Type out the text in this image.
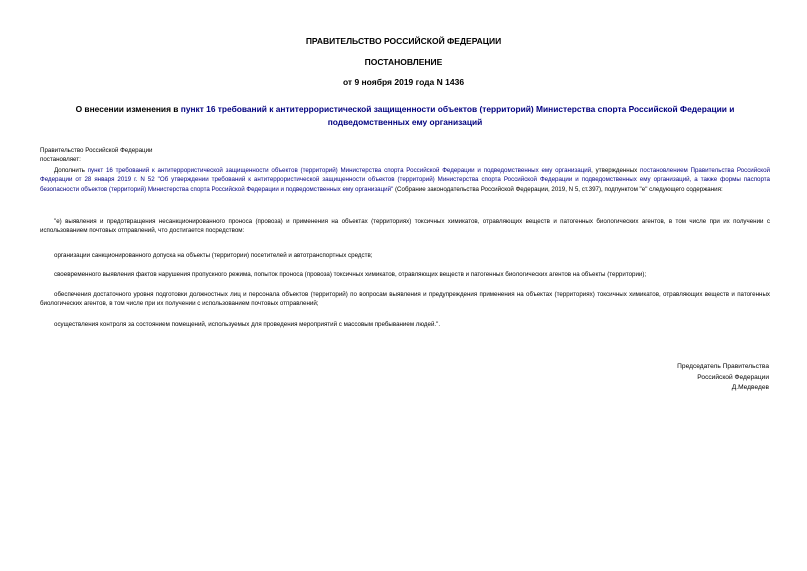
ПРАВИТЕЛЬСТВО РОССИЙСКОЙ ФЕДЕРАЦИИ
ПОСТАНОВЛЕНИЕ
от 9 ноября 2019 года N 1436
О внесении изменения в пункт 16 требований к антитеррористической защищенности объектов (территорий) Министерства спорта Российской Федерации и подведомственных ему организаций
Правительство Российской Федерации
постановляет:
Дополнить пункт 16 требований к антитеррористической защищенности объектов (территорий) Министерства спорта Российской Федерации и подведомственных ему организаций, утвержденных постановлением Правительства Российской Федерации от 28 января 2019 г. N 52 "Об утверждении требований к антитеррористической защищенности объектов (территорий) Министерства спорта Российской Федерации и подведомственных ему организаций, а также формы паспорта безопасности объектов (территорий) Министерства спорта Российской Федерации и подведомственных ему организаций" (Собрание законодательства Российской Федерации, 2019, N 5, ст.397), подпунктом "е" следующего содержания:
"е) выявления и предотвращения несанкционированного проноса (провоза) и применения на объектах (территориях) токсичных химикатов, отравляющих веществ и патогенных биологических агентов, в том числе при их получении с использованием почтовых отправлений, что достигается посредством:
организации санкционированного допуска на объекты (территории) посетителей и автотранспортных средств;
своевременного выявления фактов нарушения пропускного режима, попыток проноса (провоза) токсичных химикатов, отравляющих веществ и патогенных биологических агентов на объекты (территории);
обеспечения достаточного уровня подготовки должностных лиц и персонала объектов (территорий) по вопросам выявления и предупреждения применения на объектах (территориях) токсичных химикатов, отравляющих веществ и патогенных биологических агентов, в том числе при их получении с использованием почтовых отправлений;
осуществления контроля за состоянием помещений, используемых для проведения мероприятий с массовым пребыванием людей.".
Председатель Правительства
Российской Федерации
Д.Медведев
